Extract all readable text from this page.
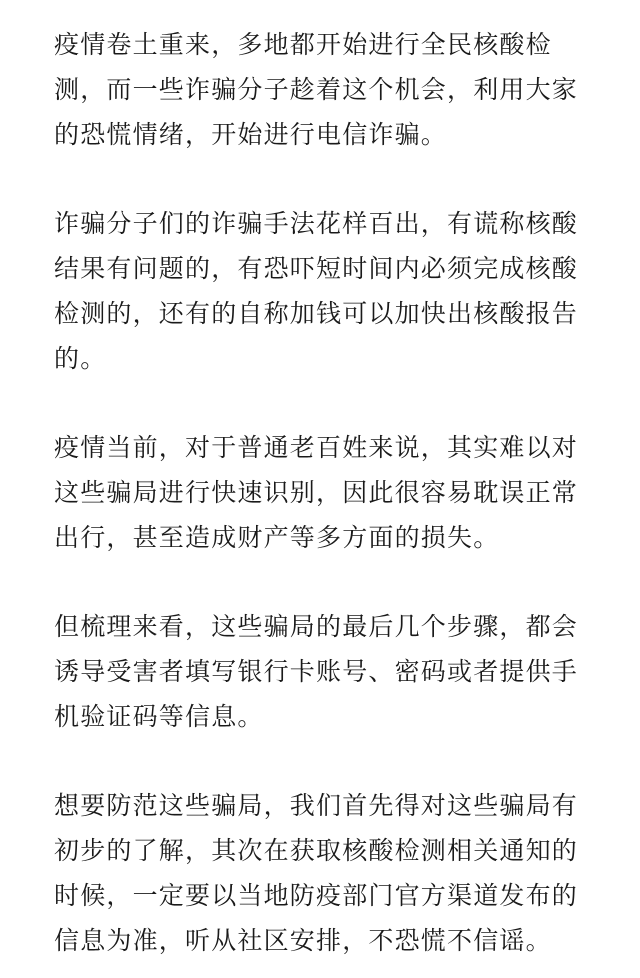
疫情卷土重来，多地都开始进行全民核酸检测，而一些诈骗分子趁着这个机会，利用大家的恐慌情绪，开始进行电信诈骗。

诈骗分子们的诈骗手法花样百出，有谎称核酸结果有问题的，有恐吓短时间内必须完成核酸检测的，还有的自称加钱可以加快出核酸报告的。

疫情当前，对于普通老百姓来说，其实难以对这些骗局进行快速识别，因此很容易耽误正常出行，甚至造成财产等多方面的损失。

但梳理来看，这些骗局的最后几个步骤，都会诱导受害者填写银行卡账号、密码或者提供手机验证码等信息。

想要防范这些骗局，我们首先得对这些骗局有初步的了解，其次在获取核酸检测相关通知的时候，一定要以当地防疫部门官方渠道发布的信息为准，听从社区安排，不恐慌不信谣。
